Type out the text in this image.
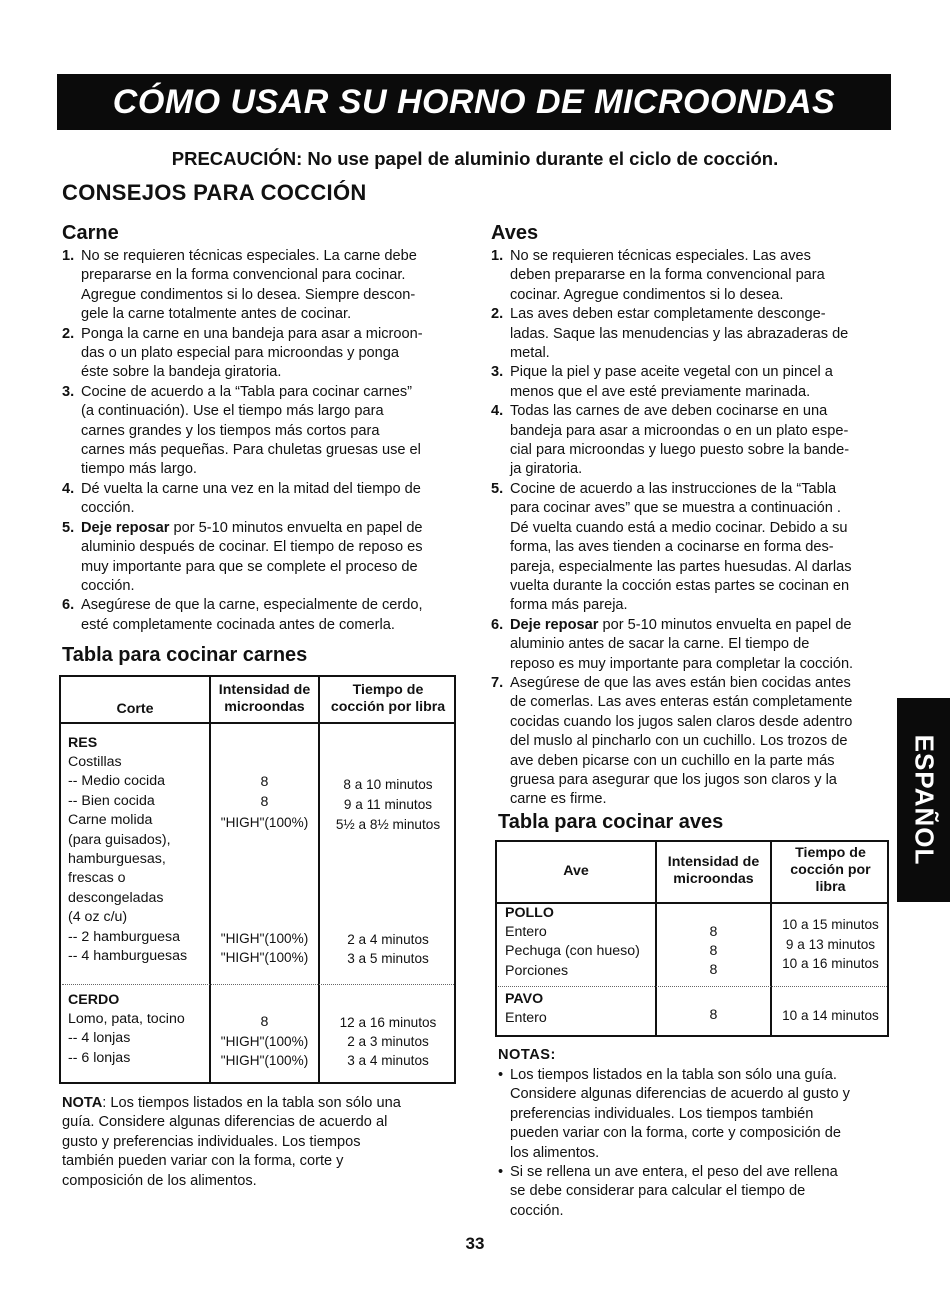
CÓMO USAR SU HORNO DE MICROONDAS
PRECAUCIÓN: No use papel de aluminio durante el ciclo de cocción.
CONSEJOS PARA COCCIÓN
Carne
1. No se requieren técnicas especiales. La carne debe
prepararse en la forma convencional para cocinar.
Agregue condimentos si lo desea. Siempre descon-
gele la carne totalmente antes de cocinar.
2. Ponga la carne en una bandeja para asar a microon-
das o un plato especial para microondas y ponga
éste sobre la bandeja giratoria.
3. Cocine de acuerdo a la “Tabla para cocinar carnes”
(a continuación). Use el tiempo más largo para
carnes grandes y los tiempos más cortos para
carnes más pequeñas. Para chuletas gruesas use el
tiempo más largo.
4. Dé vuelta la carne una vez en la mitad del tiempo de
cocción.
5. Deje reposar por 5-10 minutos envuelta en papel de
aluminio después de cocinar. El tiempo de reposo es
muy importante para que se complete el proceso de
cocción.
6. Asegúrese de que la carne, especialmente de cerdo,
esté completamente cocinada antes de comerla.
Tabla para cocinar carnes
Corte
Intensidad de
microondas
Tiempo de
cocción por libra
RES
Costillas
-- Medio cocida
-- Bien cocida
Carne molida
(para guisados),
hamburguesas,
frescas o
descongeladas
(4 oz c/u)
-- 2 hamburguesa
-- 4 hamburguesas
8
8
"HIGH"(100%)
"HIGH"(100%)
"HIGH"(100%)
8 a 10 minutos
9 a 11 minutos
5½ a 8½ minutos
2 a 4 minutos
3 a 5 minutos
CERDO
Lomo, pata, tocino
-- 4 lonjas
-- 6 lonjas
8
"HIGH"(100%)
"HIGH"(100%)
12 a 16 minutos
2 a 3 minutos
3 a 4 minutos
NOTA: Los tiempos listados en la tabla son sólo una
guía. Considere algunas diferencias de acuerdo al
gusto y preferencias individuales. Los tiempos
también pueden variar con la forma, corte y
composición de los alimentos.
Aves
1. No se requieren técnicas especiales. Las aves
deben prepararse en la forma convencional para
cocinar. Agregue condimentos si lo desea.
2. Las aves deben estar completamente desconge-
ladas. Saque las menudencias y las abrazaderas de
metal.
3. Pique la piel y pase aceite vegetal con un pincel a
menos que el ave esté previamente marinada.
4. Todas las carnes de ave deben cocinarse en una
bandeja para asar a microondas o en un plato espe-
cial para microondas y luego puesto sobre la bande-
ja giratoria.
5. Cocine de acuerdo a las instrucciones de la “Tabla
para cocinar aves” que se muestra a continuación .
Dé vuelta cuando está a medio cocinar. Debido a su
forma, las aves tienden a cocinarse en forma des-
pareja, especialmente las partes huesudas. Al darlas
vuelta durante la cocción estas partes se cocinan en
forma más pareja.
6. Deje reposar por 5-10 minutos envuelta en papel de
aluminio antes de sacar la carne. El tiempo de
reposo es muy importante para completar la cocción.
7. Asegúrese de que las aves están bien cocidas antes
de comerlas. Las aves enteras están completamente
cocidas cuando los jugos salen claros desde adentro
del muslo al pincharlo con un cuchillo. Los trozos de
ave deben picarse con un cuchillo en la parte más
gruesa para asegurar que los jugos son claros y la
carne es firme.
Tabla para cocinar aves
Ave
Intensidad de
microondas
Tiempo de
cocción por
libra
POLLO
Entero
Pechuga (con hueso)
Porciones
8
8
8
10 a 15 minutos
9 a 13 minutos
10 a 16 minutos
PAVO
Entero	8	10 a 14 minutos
NOTAS:
• Los tiempos listados en la tabla son sólo una guía.
Considere algunas diferencias de acuerdo al gusto y
preferencias individuales. Los tiempos también
pueden variar con la forma, corte y composición de
los alimentos.
• Si se rellena un ave entera, el peso del ave rellena
se debe considerar para calcular el tiempo de
cocción.
ESPAÑOL
33
